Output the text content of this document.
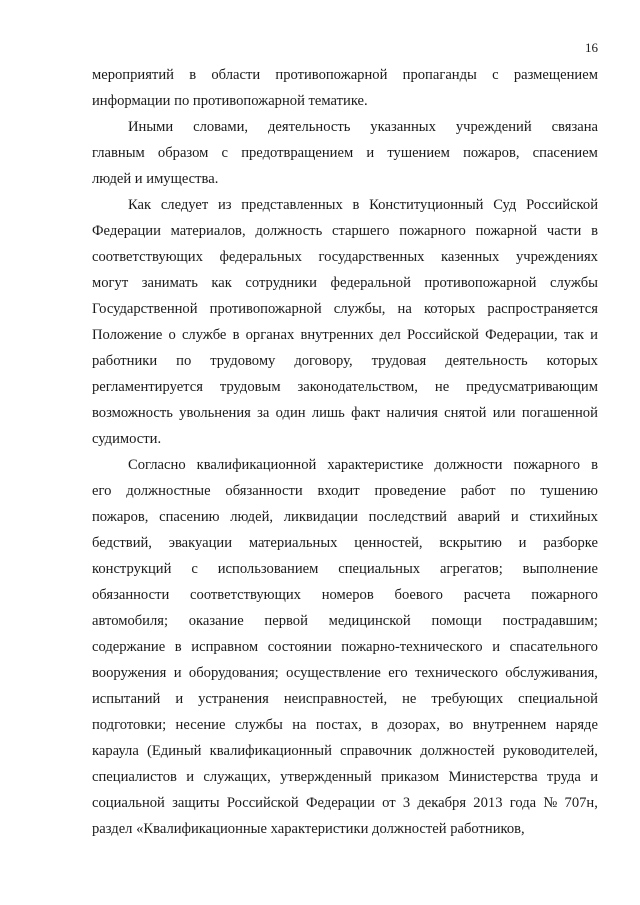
16
мероприятий в области противопожарной пропаганды с размещением
информации по противопожарной тематике.
Иными словами, деятельность указанных учреждений связана
главным образом с предотвращением и тушением пожаров, спасением
людей и имущества.
Как следует из представленных в Конституционный Суд Российской
Федерации материалов, должность старшего пожарного пожарной части в
соответствующих федеральных государственных казенных учреждениях
могут занимать как сотрудники федеральной противопожарной службы
Государственной противопожарной службы, на которых распространяется
Положение о службе в органах внутренних дел Российской Федерации, так и
работники по трудовому договору, трудовая деятельность которых
регламентируется трудовым законодательством, не предусматривающим
возможность увольнения за один лишь факт наличия снятой или погашенной
судимости.
Согласно квалификационной характеристике должности пожарного в
его должностные обязанности входит проведение работ по тушению
пожаров, спасению людей, ликвидации последствий аварий и стихийных
бедствий, эвакуации материальных ценностей, вскрытию и разборке
конструкций с использованием специальных агрегатов; выполнение
обязанности соответствующих номеров боевого расчета пожарного
автомобиля; оказание первой медицинской помощи пострадавшим;
содержание в исправном состоянии пожарно-технического и спасательного
вооружения и оборудования; осуществление его технического обслуживания,
испытаний и устранения неисправностей, не требующих специальной
подготовки; несение службы на постах, в дозорах, во внутреннем наряде
караула (Единый квалификационный справочник должностей руководителей,
специалистов и служащих, утвержденный приказом Министерства труда и
социальной защиты Российской Федерации от 3 декабря 2013 года № 707н,
раздел «Квалификационные характеристики должностей работников,
